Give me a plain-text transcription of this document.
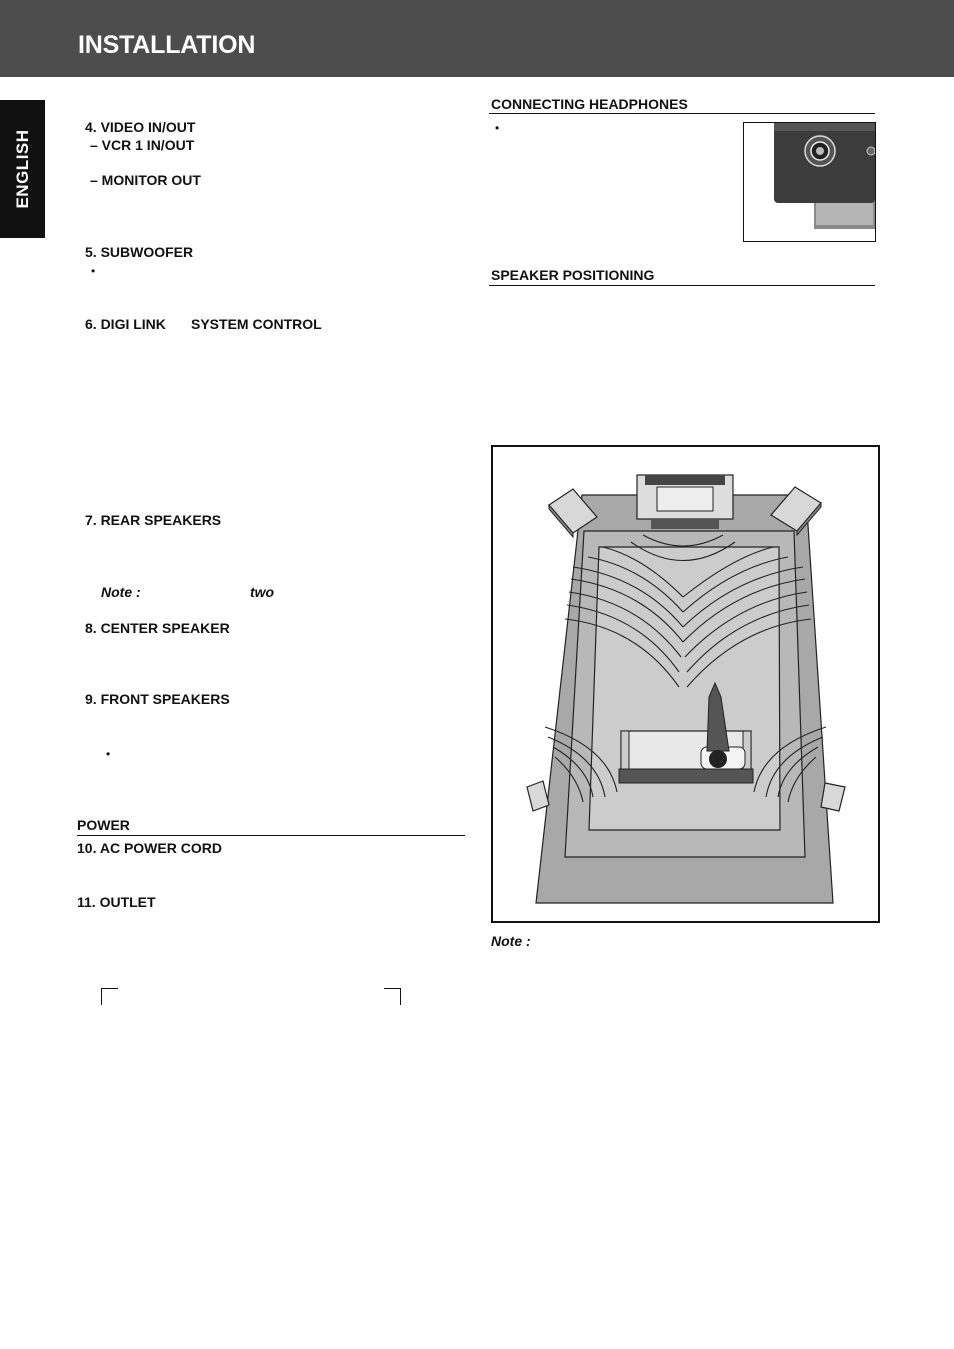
INSTALLATION
ENGLISH
4. VIDEO IN/OUT
– VCR 1 IN/OUT
– MONITOR OUT
5. SUBWOOFER
•
6. DIGI LINK SYSTEM CONTROL
7. REAR SPEAKERS
Note :	two
8. CENTER SPEAKER
9. FRONT SPEAKERS
•
POWER
10. AC POWER CORD
11. OUTLET
CONNECTING HEADPHONES
•
SPEAKER POSITIONING
Note :
